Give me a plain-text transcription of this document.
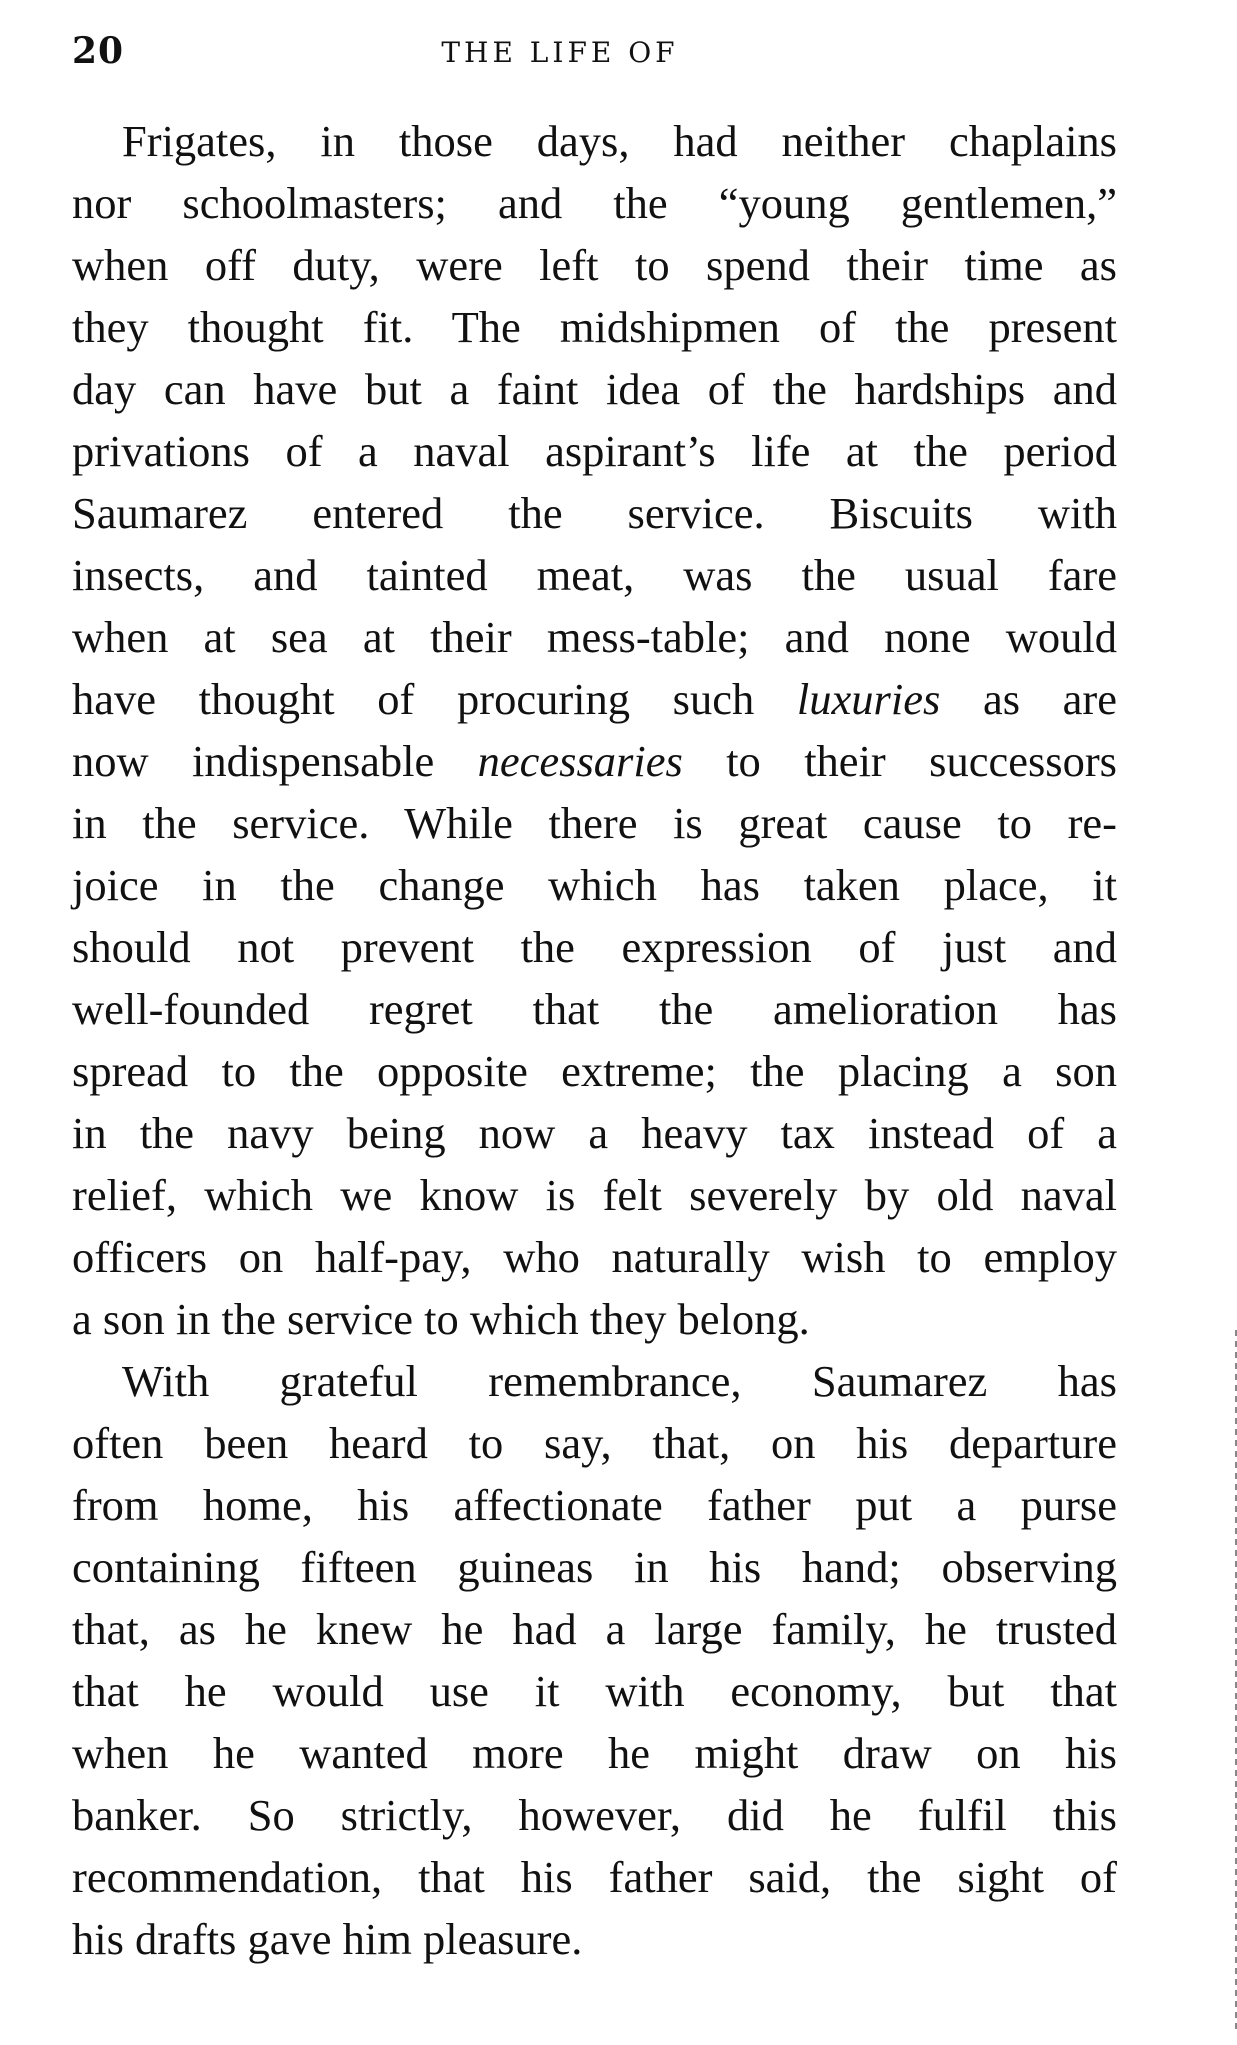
20	THE LIFE OF

Frigates, in those days, had neither chaplains
nor schoolmasters; and the “young gentlemen,”
when off duty, were left to spend their time as
they thought fit. The midshipmen of the present
day can have but a faint idea of the hardships and
privations of a naval aspirant’s life at the period
Saumarez entered the service. Biscuits with
insects, and tainted meat, was the usual fare
when at sea at their mess-table; and none would
have thought of procuring such luxuries as are
now indispensable necessaries to their successors
in the service. While there is great cause to re-
joice in the change which has taken place, it
should not prevent the expression of just and
well-founded regret that the amelioration has
spread to the opposite extreme; the placing a son
in the navy being now a heavy tax instead of a
relief, which we know is felt severely by old naval
officers on half-pay, who naturally wish to employ
a son in the service to which they belong.

With grateful remembrance, Saumarez has
often been heard to say, that, on his departure
from home, his affectionate father put a purse
containing fifteen guineas in his hand; observing
that, as he knew he had a large family, he trusted
that he would use it with economy, but that
when he wanted more he might draw on his
banker. So strictly, however, did he fulfil this
recommendation, that his father said, the sight of
his drafts gave him pleasure.
